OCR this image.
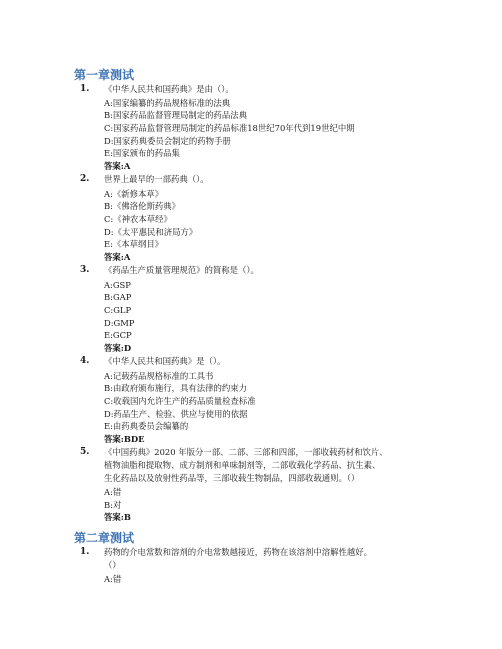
第一章测试
1. 《中华人民共和国药典》是由（）。
A:国家编纂的药品规格标准的法典
B:国家药品监督管理局制定的药品法典
C:国家药品监督管理局制定的药品标准18世纪70年代到19世纪中期
D:国家药典委员会制定的药物手册
E:国家颁布的药品集
答案:A
2. 世界上最早的一部药典（）。
A:《新修本草》
B:《佛洛伦斯药典》
C:《神农本草经》
D:《太平惠民和济局方》
E:《本草纲目》
答案:A
3. 《药品生产质量管理规范》的简称是（）。
A:GSP
B:GAP
C:GLP
D:GMP
E:GCP
答案:D
4. 《中华人民共和国药典》是（）。
A:记载药品规格标准的工具书
B:由政府颁布施行，具有法律的约束力
C:收载国内允许生产的药品质量检查标准
D:药品生产、检验、供应与使用的依据
E:由药典委员会编纂的
答案:BDE
5. 《中国药典》2020 年版分一部、二部、三部和四部，一部收载药材和饮片、
植物油脂和提取物、成方制剂和单味制剂等，二部收载化学药品、抗生素、
生化药品以及放射性药品等，三部收载生物制品，四部收载通则。（）
A:错
B:对
答案:B
第二章测试
1. 药物的介电常数和溶剂的介电常数越接近，药物在该溶剂中溶解性越好。
（）
A:错
